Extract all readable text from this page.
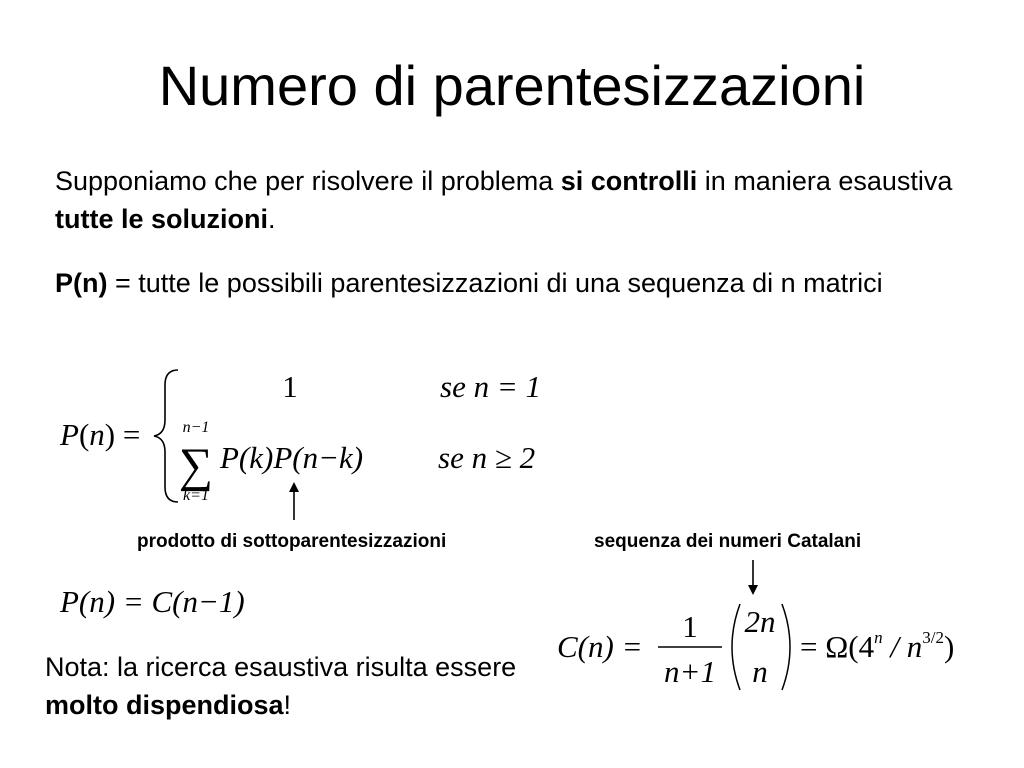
Numero di parentesizzazioni
Supponiamo che per risolvere il problema si controlli in maniera esaustiva tutte le soluzioni.
P(n) = tutte le possibili parentesizzazioni di una sequenza di n matrici
P(n) =
1	se n = 1
n−1
∑
k=1
P(k)P(n−k) se n ≥ 2
P(n) = C(n−1)
C(n) =
1
n+1
2n
n
= $\Omega(4^n / n^{3/2})$
prodotto di sottoparentesizzazioni	sequenza dei numeri Catalani
Nota: la ricerca esaustiva risulta essere molto dispendiosa!
